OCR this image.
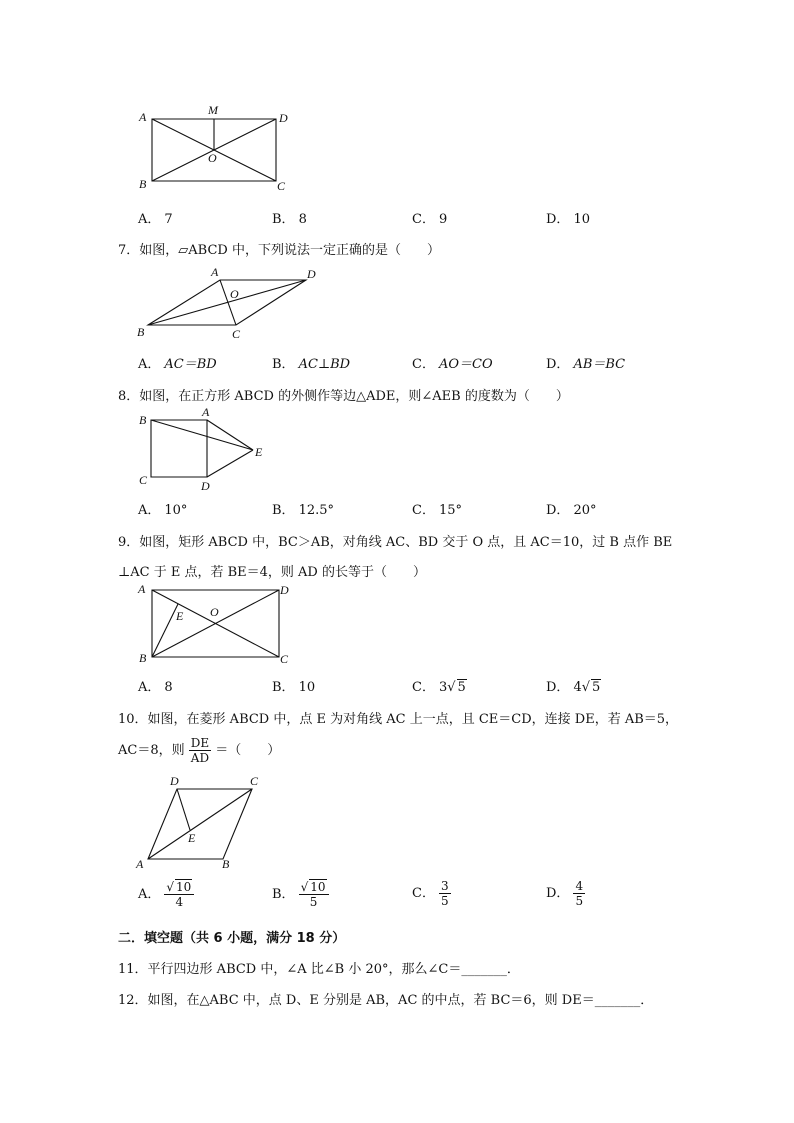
A	M
D
O
B	C
A． 7	B． 8	C． 9	D． 10
7．如图，▱ABCD 中，下列说法一定正确的是（　　）
A	D
O
B	C
A． AC＝BD	B． AC⊥BD	C． AO＝CO	D． AB＝BC
8．如图，在正方形 ABCD 的外侧作等边△ADE，则∠AEB 的度数为（　　）
B
A
E
C	D
A． 10°	B． 12.5°	C． 15°	D． 20°
9．如图，矩形 ABCD 中，BC＞AB，对角线 AC、BD 交于 O 点，且 AC＝10，过 B 点作 BE
⊥AC 于 E 点，若 BE＝4，则 AD 的长等于（　　）
A	D
E O
B	C
A． 8	B． 10	C． 3√ 5	D． 4√ 5
10．如图，在菱形 ABCD 中，点 E 为对角线 AC 上一点，且 CE＝CD，连接 DE，若 AB＝5，
AC＝8，则 $\frac{DE}{AD}$ ＝（　　）
D	C
E
A	B
A． $\frac{√ 10}{4}$	B． $\frac{√ 10}{5}$	C． $\frac{3}{5}$	D． $\frac{4}{5}$
二．填空题（共 6 小题，满分 18 分）
11．平行四边形 ABCD 中，∠A 比∠B 小 20°，那么∠C＝_______．
12．如图，在△ABC 中，点 D、E 分别是 AB，AC 的中点，若 BC＝6，则 DE＝_______．
